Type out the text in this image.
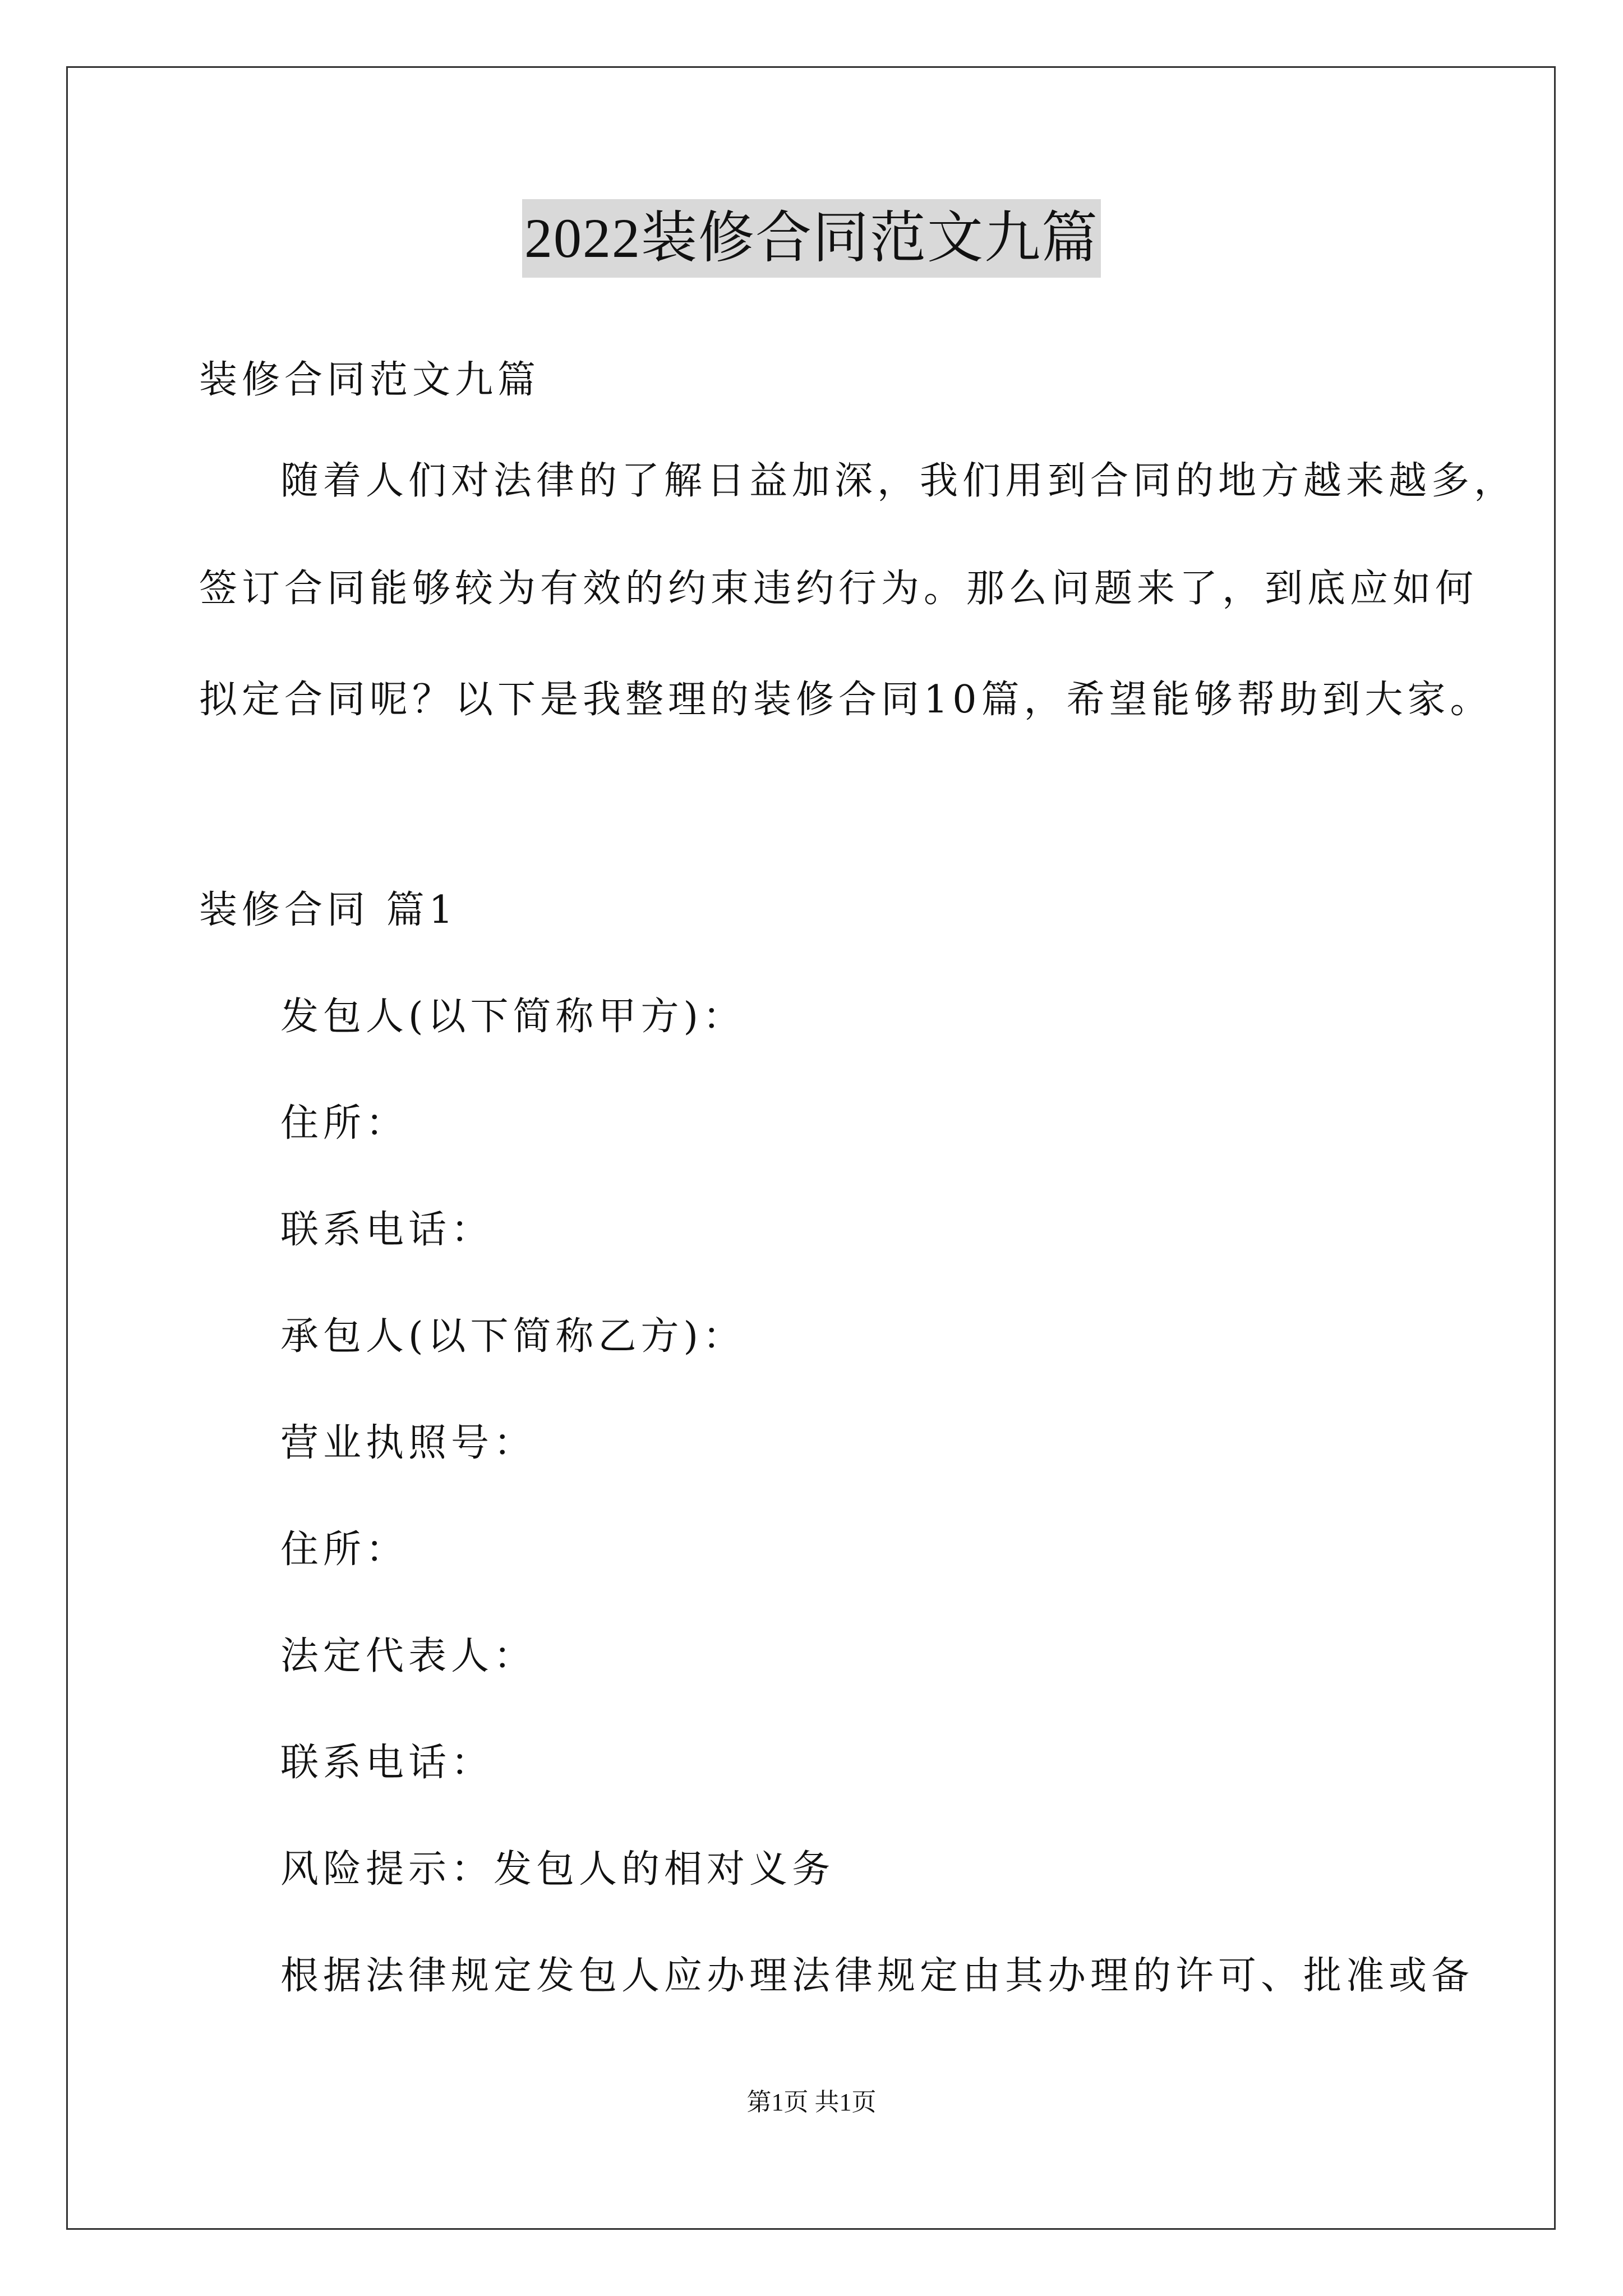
2022装修合同范文九篇
装修合同范文九篇
随着人们对法律的了解日益加深，我们用到合同的地方越来越多，
签订合同能够较为有效的约束违约行为。那么问题来了，到底应如何
拟定合同呢？以下是我整理的装修合同10篇，希望能够帮助到大家。
装修合同 篇1
发包人(以下简称甲方)：
住所：
联系电话：
承包人(以下简称乙方)：
营业执照号：
住所：
法定代表人：
联系电话：
风险提示：发包人的相对义务
根据法律规定发包人应办理法律规定由其办理的许可、批准或备
第1页 共1页
